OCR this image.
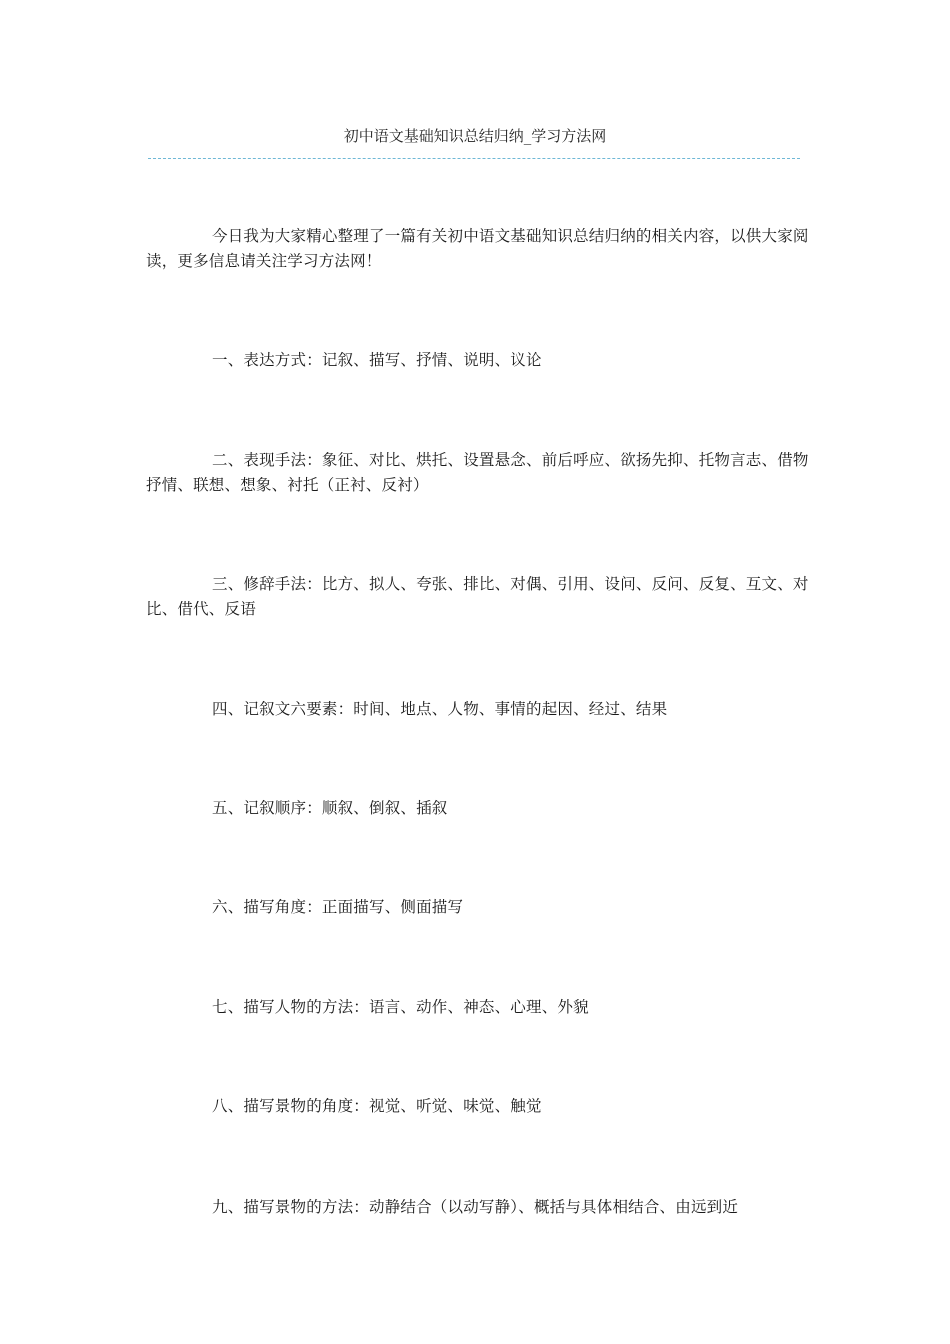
初中语文基础知识总结归纳_学习方法网

今日我为大家精心整理了一篇有关初中语文基础知识总结归纳的相关内容，以供大家阅读，更多信息请关注学习方法网！

一、表达方式：记叙、描写、抒情、说明、议论

二、表现手法：象征、对比、烘托、设置悬念、前后呼应、欲扬先抑、托物言志、借物抒情、联想、想象、衬托（正衬、反衬）

三、修辞手法：比方、拟人、夸张、排比、对偶、引用、设问、反问、反复、互文、对比、借代、反语

四、记叙文六要素：时间、地点、人物、事情的起因、经过、结果

五、记叙顺序：顺叙、倒叙、插叙

六、描写角度：正面描写、侧面描写

七、描写人物的方法：语言、动作、神态、心理、外貌

八、描写景物的角度：视觉、听觉、味觉、触觉

九、描写景物的方法：动静结合（以动写静）、概括与具体相结合、由远到近
